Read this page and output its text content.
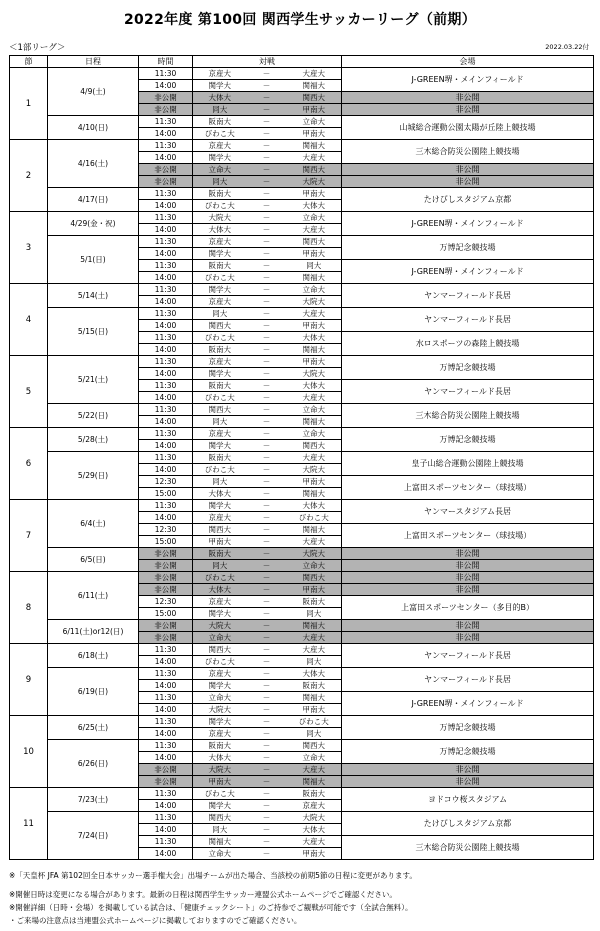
2022年度 第100回 関西学生サッカーリーグ（前期）
＜1部リーグ＞	2022.03.22付
節	日程	時間	対戦			会場
1	4/9(土)	11:30	京産大	－	大産大	J-GREEN堺・メインフィールド
		14:00	関学大	－	関福大	
		非公開	大体大	－	関西大	非公開
		非公開	同大	－	甲南大	非公開
	4/10(日)	11:30	阪南大	－	立命大	山城総合運動公園太陽が丘陸上競技場
		14:00	びわこ大	－	甲南大	
2	4/16(土)	11:30	京産大	－	関福大	三木総合防災公園陸上競技場
		14:00	関学大	－	大産大	
		非公開	立命大	－	関西大	非公開
		非公開	同大	－	大院大	非公開
	4/17(日)	11:30	阪南大	－	甲南大	たけびしスタジアム京都
		14:00	びわこ大	－	大体大	
3	4/29(金・祝)	11:30	大院大	－	立命大	J-GREEN堺・メインフィールド
		14:00	大体大	－	大産大	
	5/1(日)	11:30	京産大	－	関西大	万博記念競技場
		14:00	関学大	－	甲南大	
		11:30	阪南大	－	同大	J-GREEN堺・メインフィールド
		14:00	びわこ大	－	関福大	
4	5/14(土)	11:30	関学大	－	立命大	ヤンマーフィールド長居
		14:00	京産大	－	大院大	
	5/15(日)	11:30	同大	－	大産大	ヤンマーフィールド長居
		14:00	関西大	－	甲南大	
		11:30	びわこ大	－	大体大	水ロスポーツの森陸上競技場
		14:00	阪南大	－	関福大	
5	5/21(土)	11:30	京産大	－	甲南大	万博記念競技場
		14:00	関学大	－	大院大	
		11:30	阪南大	－	大体大	ヤンマーフィールド長居
		14:00	びわこ大	－	大産大	
	5/22(日)	11:30	関西大	－	立命大	三木総合防災公園陸上競技場
		14:00	同大	－	関福大	
6	5/28(土)	11:30	京産大	－	立命大	万博記念競技場
		14:00	関学大	－	関西大	
	5/29(日)	11:30	阪南大	－	大産大	皇子山総合運動公園陸上競技場
		14:00	びわこ大	－	大院大	
		12:30	同大	－	甲南大	上富田スポーツセンター（球技場）
		15:00	大体大	－	関福大	
7	6/4(土)	11:30	関学大	－	大体大	ヤンマースタジアム長居
		14:00	京産大	－	びわこ大	
		12:30	関西大	－	関福大	上富田スポーツセンター（球技場）
		15:00	甲南大	－	大産大	
	6/5(日)	非公開	阪南大	－	大院大	非公開
		非公開	同大	－	立命大	非公開
8	6/11(土)	非公開	びわこ大	－	関西大	非公開
		非公開	大体大	－	甲南大	非公開
		12:30	京産大	－	阪南大	上富田スポーツセンター（多目的B）
		15:00	関学大	－	同大	
	6/11(土)or12(日)	非公開	大院大	－	関福大	非公開
		非公開	立命大	－	大産大	非公開
9	6/18(土)	11:30	関西大	－	大産大	ヤンマーフィールド長居
		14:00	びわこ大	－	同大	
	6/19(日)	11:30	京産大	－	大体大	ヤンマーフィールド長居
		14:00	関学大	－	阪南大	
		11:30	立命大	－	関福大	J-GREEN堺・メインフィールド
		14:00	大院大	－	甲南大	
10	6/25(土)	11:30	関学大	－	びわこ大	万博記念競技場
		14:00	京産大	－	同大	
	6/26(日)	11:30	阪南大	－	関西大	万博記念競技場
		14:00	大体大	－	立命大	
		非公開	大院大	－	大産大	非公開
		非公開	甲南大	－	関福大	非公開
11	7/23(土)	11:30	びわこ大	－	阪南大	ヨドコウ桜スタジアム
		14:00	関学大	－	京産大	
	7/24(日)	11:30	関西大	－	大院大	たけびしスタジアム京都
		14:00	同大	－	大体大	
		11:30	関福大	－	大産大	三木総合防災公園陸上競技場
		14:00	立命大	－	甲南大	
※「天皇杯 JFA 第102回全日本サッカー選手権大会」出場チームが出た場合、当該校の前期5節の日程に変更があります。
※開催日時は変更になる場合があります。最新の日程は関西学生サッカー連盟公式ホームページでご確認ください。
※開催詳細（日時・会場）を掲載している試合は、「健康チェックシート」のご持参でご観戦が可能です（全試合無料）。
・ご来場の注意点は当連盟公式ホームページに掲載しておりますのでご確認ください。
